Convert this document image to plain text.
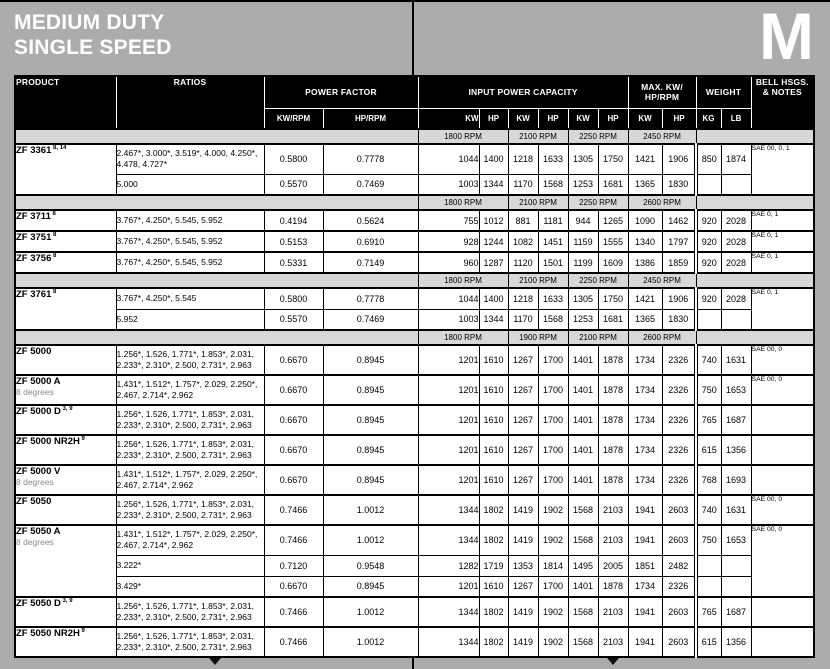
MEDIUM DUTY
SINGLE SPEED	M
PRODUCT	RATIOS	POWER FACTOR		INPUT POWER CAPACITY						MAX. KW/ HP/RPM		WEIGHT		BELL HSGS. & NOTES
		KW/RPM	HP/RPM	KW	HP	KW	HP	KW	HP	KW	HP	KG	LB	
				1800 RPM		2100 RPM		2250 RPM		2450 RPM				
ZF 3361 $^{8, 14}$	2.467*, 3.000*, 3.519*, 4.000, 4.250*, 4.478, 4.727*	0.5800	0.7778	1044	1400	1218	1633	1305	1750	1421	1906	850	1874	SAE 00, 0, 1
	5.000	0.5570	0.7469	1003	1344	1170	1568	1253	1681	1365	1830			
				1800 RPM		2100 RPM		2250 RPM		2600 RPM				
ZF 3711 $^8$	3.767*, 4.250*, 5.545, 5.952	0.4194	0.5624	755	1012	881	1181	944	1265	1090	1462	920	2028	SAE 0, 1
ZF 3751 $^8$	3.767*, 4.250*, 5.545, 5.952	0.5153	0.6910	928	1244	1082	1451	1159	1555	1340	1797	920	2028	SAE 0, 1
ZF 3756 $^8$	3.767*, 4.250*, 5.545, 5.952	0.5331	0.7149	960	1287	1120	1501	1199	1609	1386	1859	920	2028	SAE 0, 1
				1800 RPM		2100 RPM		2250 RPM		2450 RPM				
ZF 3761 $^8$	3.767*, 4.250*, 5.545	0.5800	0.7778	1044	1400	1218	1633	1305	1750	1421	1906	920	2028	SAE 0, 1
	5.952	0.5570	0.7469	1003	1344	1170	1568	1253	1681	1365	1830			
				1800 RPM		1900 RPM		2100 RPM		2600 RPM				
ZF 5000	1.256*, 1.526, 1.771*, 1.853*, 2.031, 2.233*, 2.310*, 2.500, 2.731*, 2.963	0.6670	0.8945	1201	1610	1267	1700	1401	1878	1734	2326	740	1631	SAE 00, 0
ZF 5000 A
8 degrees	1.431*, 1.512*, 1.757*, 2.029, 2.250*, 2.467, 2.714*, 2.962	0.6670	0.8945	1201	1610	1267	1700	1401	1878	1734	2326	750	1653	SAE 00, 0
ZF 5000 D $^{3, 9}$	1.256*, 1.526, 1.771*, 1.853*, 2.031, 2.233*, 2.310*, 2.500, 2.731*, 2.963	0.6670	0.8945	1201	1610	1267	1700	1401	1878	1734	2326	765	1687	
ZF 5000 NR2H $^9$	1.256*, 1.526, 1.771*, 1.853*, 2.031, 2.233*, 2.310*, 2.500, 2.731*, 2.963	0.6670	0.8945	1201	1610	1267	1700	1401	1878	1734	2326	615	1356	
ZF 5000 V
8 degrees	1.431*, 1.512*, 1.757*, 2.029, 2.250*, 2.467, 2.714*, 2.962	0.6670	0.8945	1201	1610	1267	1700	1401	1878	1734	2326	768	1693	
ZF 5050	1.256*, 1.526, 1.771*, 1.853*, 2.031, 2.233*, 2.310*, 2.500, 2.731*, 2.963	0.7466	1.0012	1344	1802	1419	1902	1568	2103	1941	2603	740	1631	SAE 00, 0
ZF 5050 A
8 degrees	1.431*, 1.512*, 1.757*, 2.029, 2.250*, 2.467, 2.714*, 2.962	0.7466	1.0012	1344	1802	1419	1902	1568	2103	1941	2603	750	1653	SAE 00, 0
	3.222*	0.7120	0.9548	1282	1719	1353	1814	1495	2005	1851	2482			
	3.429*	0.6670	0.8945	1201	1610	1267	1700	1401	1878	1734	2326			
ZF 5050 D $^{3, 9}$	1.256*, 1.526, 1.771*, 1.853*, 2.031, 2.233*, 2.310*, 2.500, 2.731*, 2.963	0.7466	1.0012	1344	1802	1419	1902	1568	2103	1941	2603	765	1687	
ZF 5050 NR2H $^9$	1.256*, 1.526, 1.771*, 1.853*, 2.031, 2.233*, 2.310*, 2.500, 2.731*, 2.963	0.7466	1.0012	1344	1802	1419	1902	1568	2103	1941	2603	615	1356	
